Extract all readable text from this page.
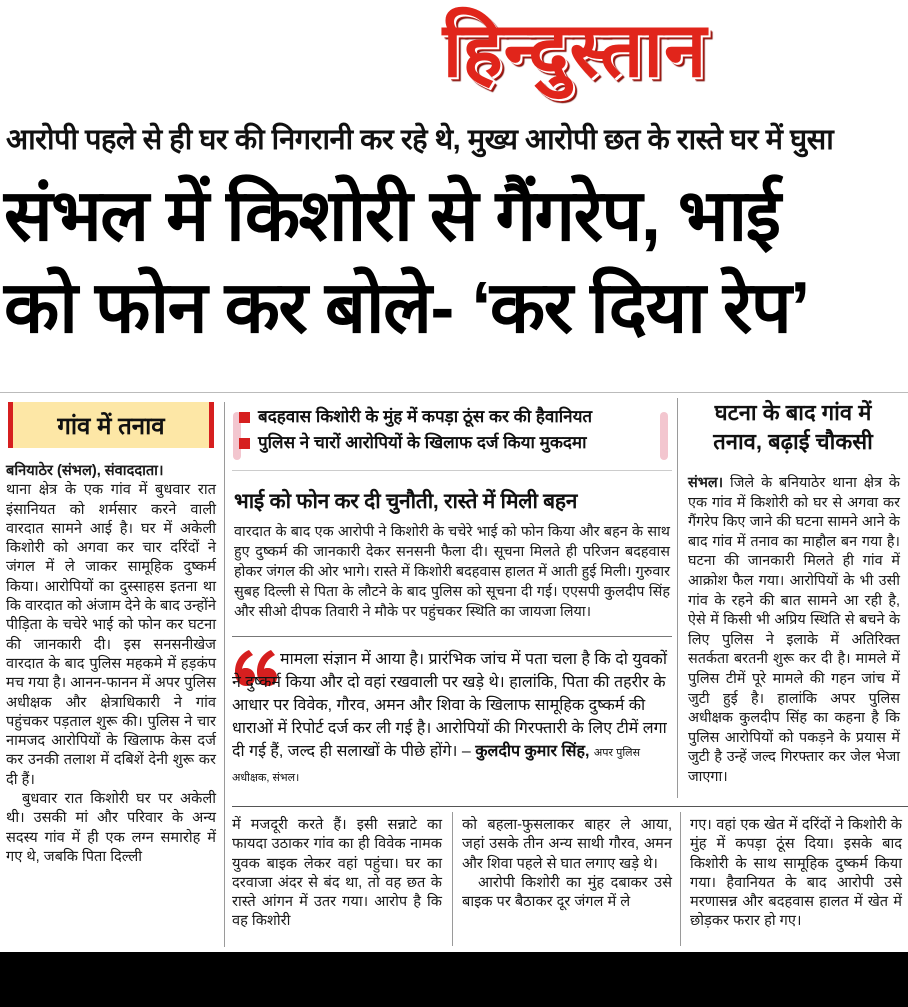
हिन्दुस्तान
आरोपी पहले से ही घर की निगरानी कर रहे थे, मुख्य आरोपी छत के रास्ते घर में घुसा
संभल में किशोरी से गैंगरेप, भाई
को फोन कर बोले- ‘कर दिया रेप’
गांव में तनाव

बनियाठेर (संभल), संवाददाता।

थाना क्षेत्र के एक गांव में बुधवार रात इंसानियत को शर्मसार करने वाली वारदात सामने आई है। घर में अकेली किशोरी को अगवा कर चार दरिंदों ने जंगल में ले जाकर सामूहिक दुष्कर्म किया। आरोपियों का दुस्साहस इतना था कि वारदात को अंजाम देने के बाद उन्होंने पीड़िता के चचेरे भाई को फोन कर घटना की जानकारी दी। इस सनसनीखेज वारदात के बाद पुलिस महकमे में हड़कंप मच गया है। आनन-फानन में अपर पुलिस अधीक्षक और क्षेत्राधिकारी ने गांव पहुंचकर पड़ताल शुरू की। पुलिस ने चार नामजद आरोपियों के खिलाफ केस दर्ज कर उनकी तलाश में दबिशें देनी शुरू कर दी हैं।

बुधवार रात किशोरी घर पर अकेली थी। उसकी मां और परिवार के अन्य सदस्य गांव में ही एक लग्न समारोह में गए थे, जबकि पिता दिल्ली

बदहवास किशोरी के मुंह में कपड़ा ठूंस कर की हैवानियत
पुलिस ने चारों आरोपियों के खिलाफ दर्ज किया मुकदमा
भाई को फोन कर दी चुनौती, रास्ते में मिली बहन
वारदात के बाद एक आरोपी ने किशोरी के चचेरे भाई को फोन किया और बहन के साथ हुए दुष्कर्म की जानकारी देकर सनसनी फैला दी। सूचना मिलते ही परिजन बदहवास होकर जंगल की ओर भागे। रास्ते में किशोरी बदहवास हालत में आती हुई मिली। गुरुवार सुबह दिल्ली से पिता के लौटने के बाद पुलिस को सूचना दी गई। एएसपी कुलदीप सिंह और सीओ दीपक तिवारी ने मौके पर पहुंचकर स्थिति का जायजा लिया।
मामला संज्ञान में आया है। प्रारंभिक जांच में पता चला है कि दो युवकों ने दुष्कर्म किया और दो वहां रखवाली पर खड़े थे। हालांकि, पिता की तहरीर के आधार पर विवेक, गौरव, अमन और शिवा के खिलाफ सामूहिक दुष्कर्म की धाराओं में रिपोर्ट दर्ज कर ली गई है। आरोपियों की गिरफ्तारी के लिए टीमें लगा दी गई हैं, जल्द ही सलाखों के पीछे होंगे। – कुलदीप कुमार सिंह, अपर पुलिस अधीक्षक, संभल।
घटना के बाद गांव में
तनाव, बढ़ाई चौकसी
संभल। जिले के बनियाठेर थाना क्षेत्र के एक गांव में किशोरी को घर से अगवा कर गैंगरेप किए जाने की घटना सामने आने के बाद गांव में तनाव का माहौल बन गया है। घटना की जानकारी मिलते ही गांव में आक्रोश फैल गया। आरोपियों के भी उसी गांव के रहने की बात सामने आ रही है, ऐसे में किसी भी अप्रिय स्थिति से बचने के लिए पुलिस ने इलाके में अतिरिक्त सतर्कता बरतनी शुरू कर दी है। मामले में पुलिस टीमें पूरे मामले की गहन जांच में जुटी हुई है। हालांकि अपर पुलिस अधीक्षक कुलदीप सिंह का कहना है कि पुलिस आरोपियों को पकड़ने के प्रयास में जुटी है उन्हें जल्द गिरफ्तार कर जेल भेजा जाएगा।
में मजदूरी करते हैं। इसी सन्नाटे का फायदा उठाकर गांव का ही विवेक नामक युवक बाइक लेकर वहां पहुंचा। घर का दरवाजा अंदर से बंद था, तो वह छत के रास्ते आंगन में उतर गया। आरोप है कि वह किशोरी

को बहला-फुसलाकर बाहर ले आया, जहां उसके तीन अन्य साथी गौरव, अमन और शिवा पहले से घात लगाए खड़े थे।

आरोपी किशोरी का मुंह दबाकर उसे बाइक पर बैठाकर दूर जंगल में ले

गए। वहां एक खेत में दरिंदों ने किशोरी के मुंह में कपड़ा ठूंस दिया। इसके बाद किशोरी के साथ सामूहिक दुष्कर्म किया गया। हैवानियत के बाद आरोपी उसे मरणासन्न और बदहवास हालत में खेत में छोड़कर फरार हो गए।
